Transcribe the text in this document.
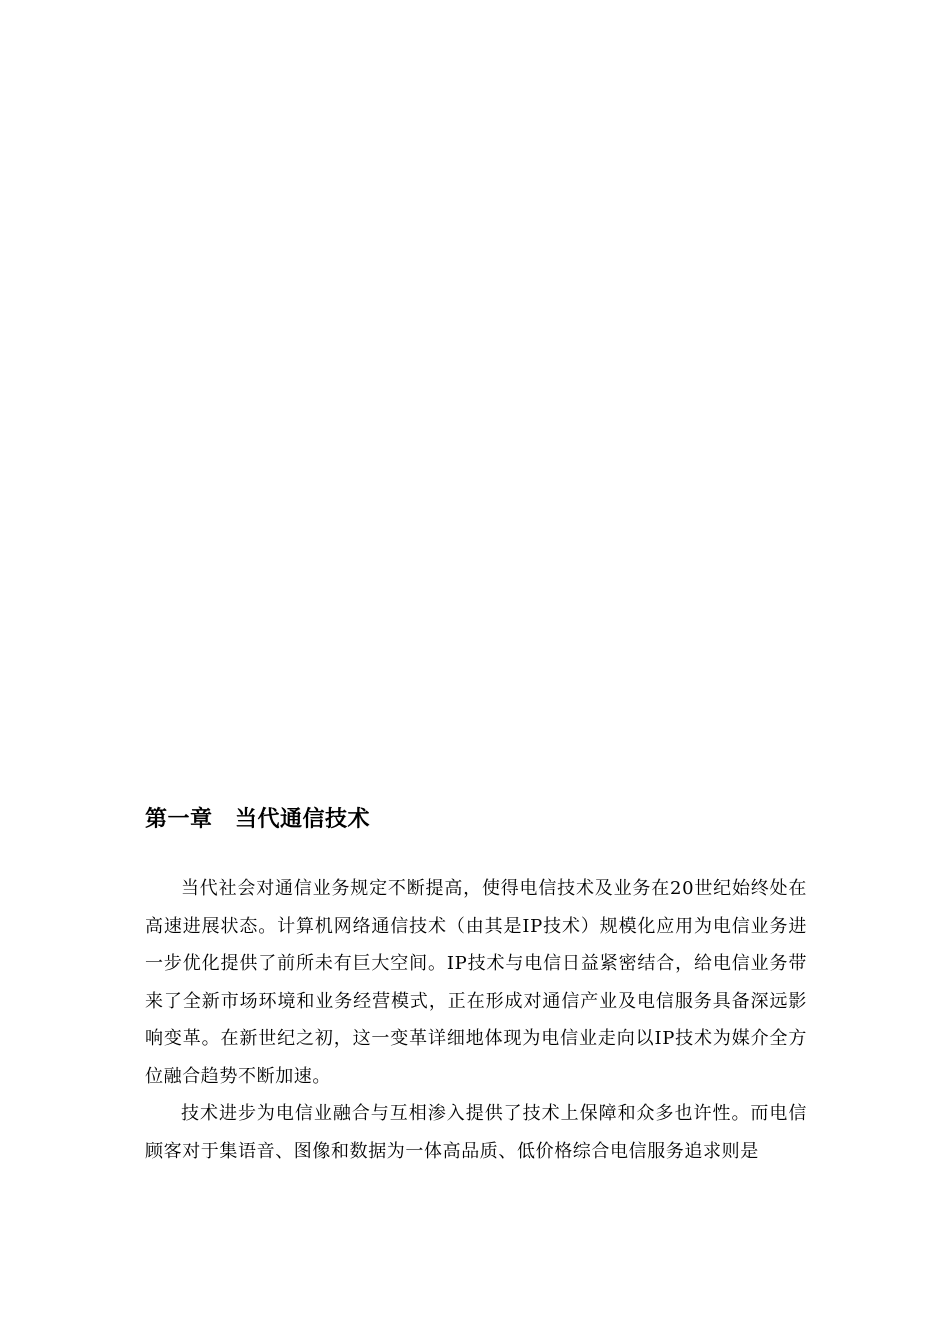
第一章　当代通信技术

当代社会对通信业务规定不断提高，使得电信技术及业务在20世纪始终处在高速进展状态。计算机网络通信技术（由其是IP技术）规模化应用为电信业务进一步优化提供了前所未有巨大空间。IP技术与电信日益紧密结合，给电信业务带来了全新市场环境和业务经营模式，正在形成对通信产业及电信服务具备深远影响变革。在新世纪之初，这一变革详细地体现为电信业走向以IP技术为媒介全方位融合趋势不断加速。

技术进步为电信业融合与互相渗入提供了技术上保障和众多也许性。而电信顾客对于集语音、图像和数据为一体高品质、低价格综合电信服务追求则是
